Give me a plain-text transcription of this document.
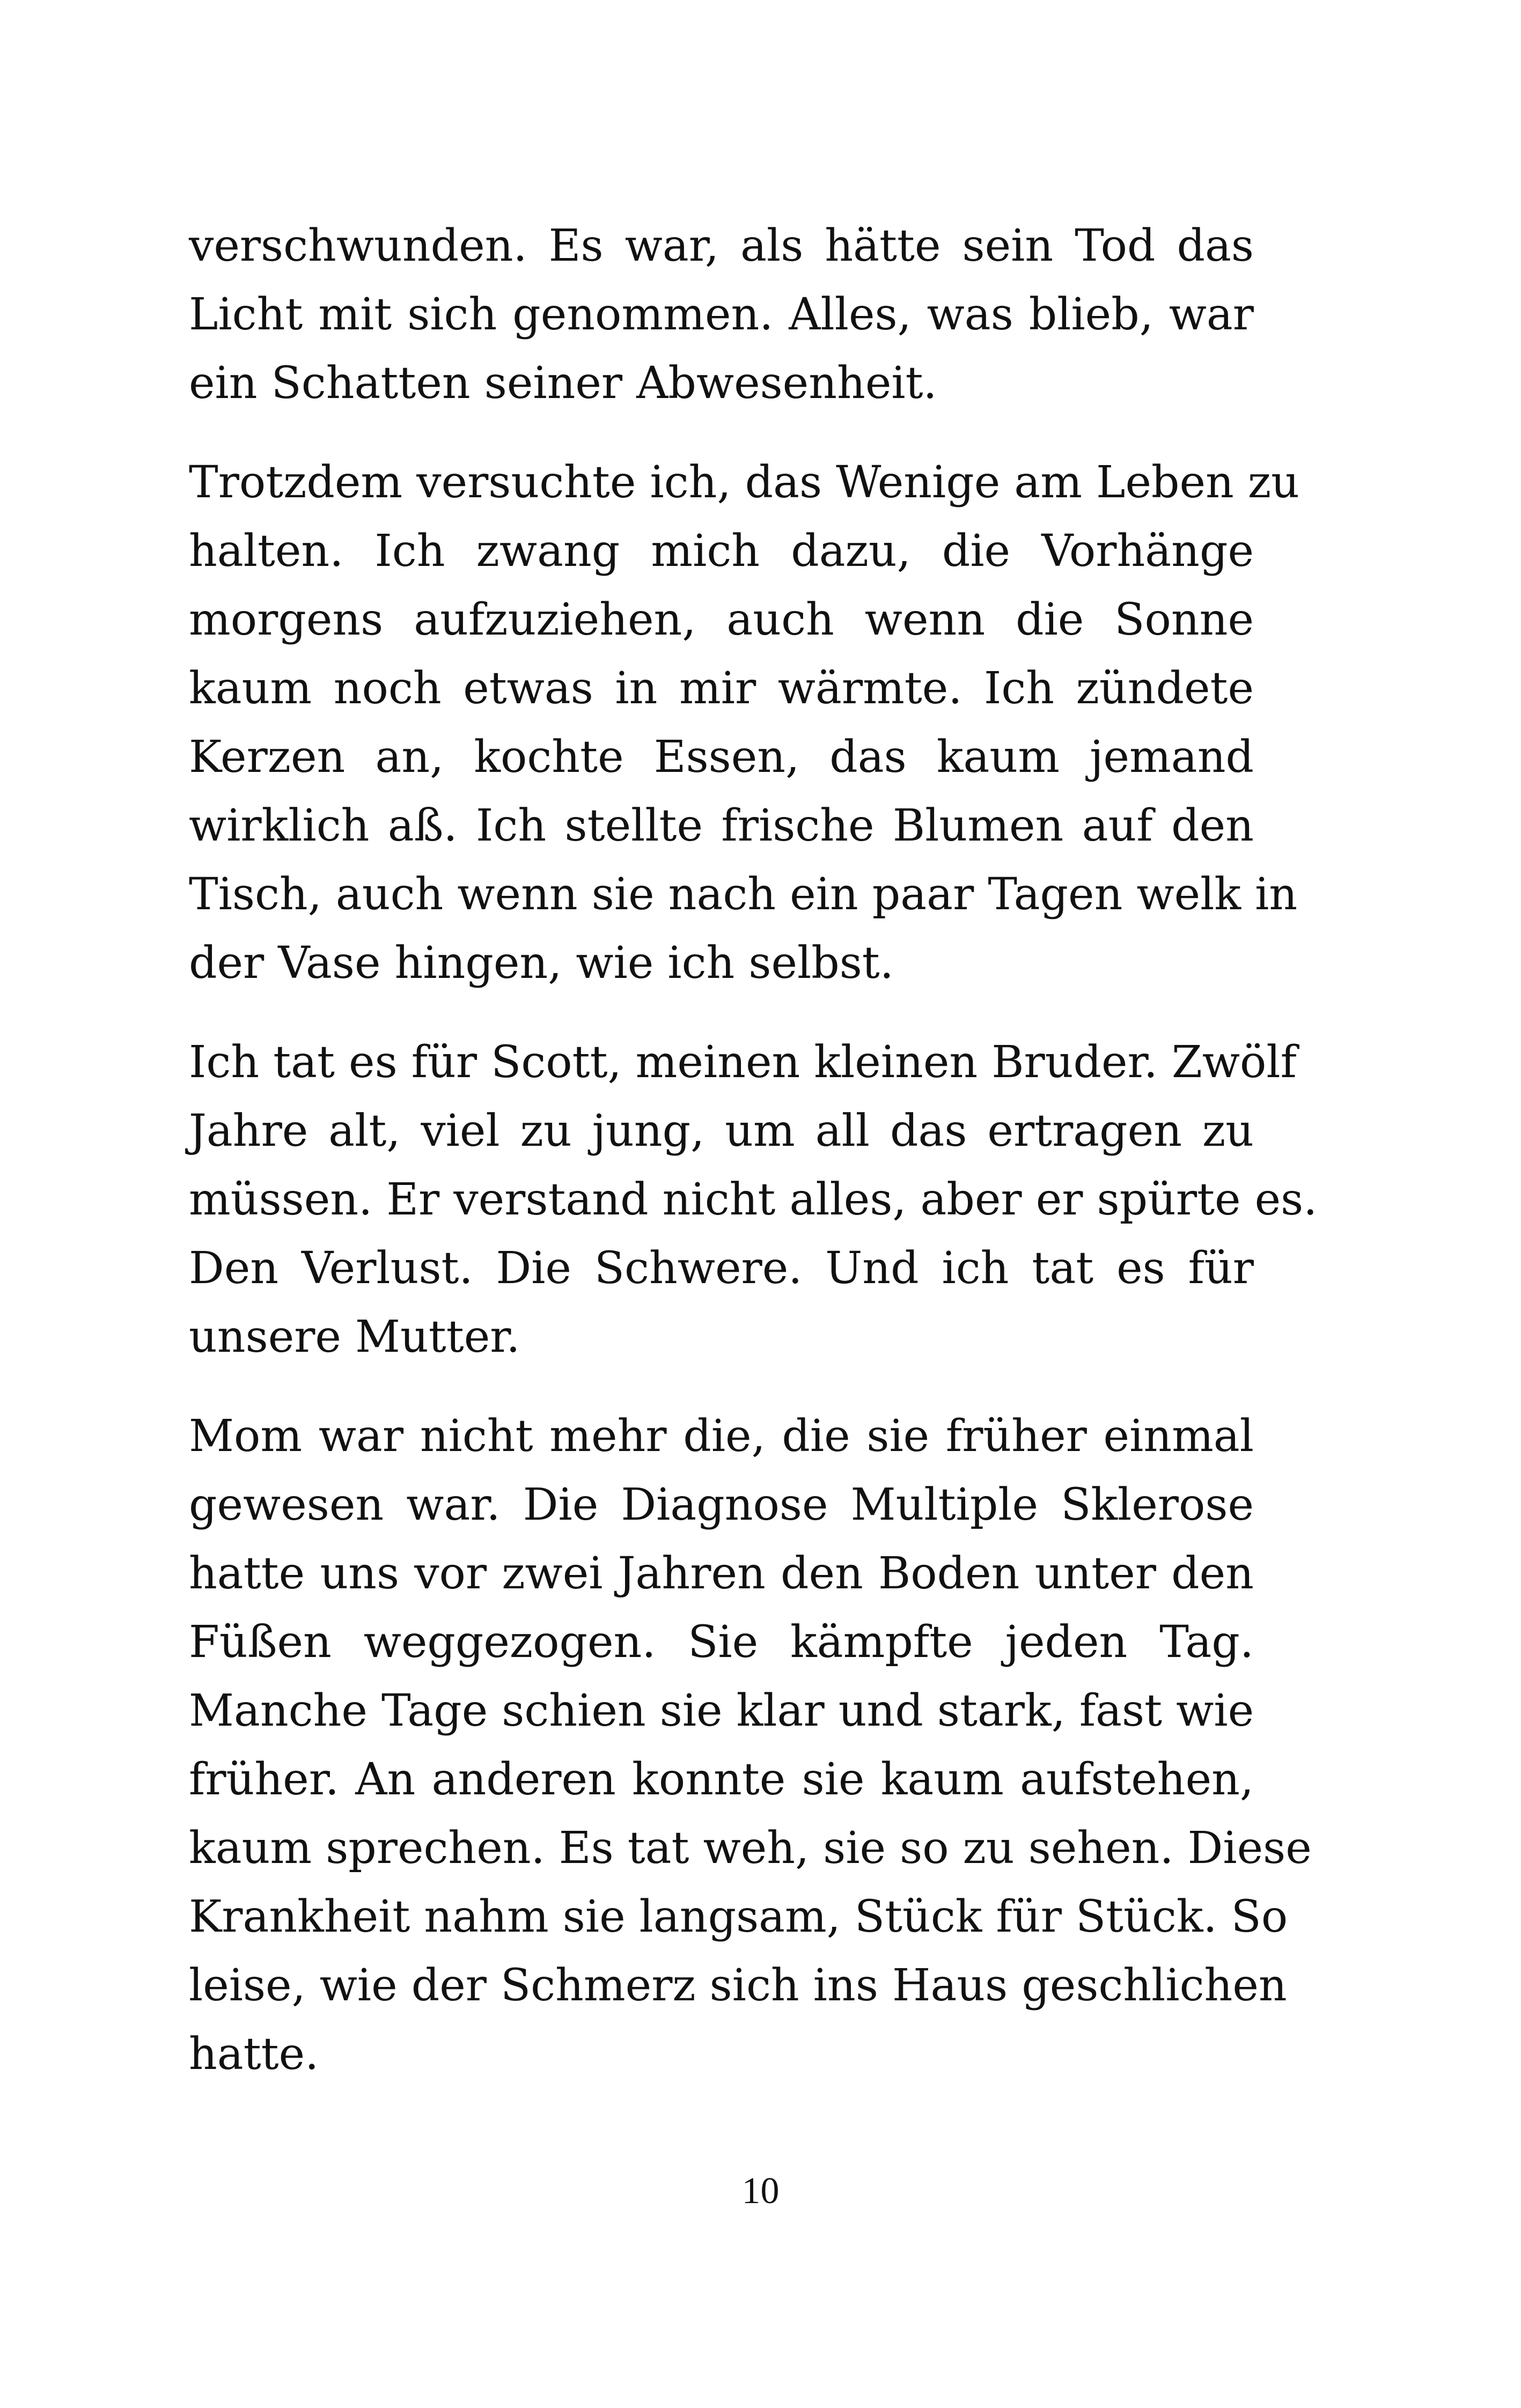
verschwunden. Es war, als hätte sein Tod das
Licht mit sich genommen. Alles, was blieb, war
ein Schatten seiner Abwesenheit.

Trotzdem versuchte ich, das Wenige am Leben zu
halten. Ich zwang mich dazu, die Vorhänge
morgens aufzuziehen, auch wenn die Sonne
kaum noch etwas in mir wärmte. Ich zündete
Kerzen an, kochte Essen, das kaum jemand
wirklich aß. Ich stellte frische Blumen auf den
Tisch, auch wenn sie nach ein paar Tagen welk in
der Vase hingen, wie ich selbst.

Ich tat es für Scott, meinen kleinen Bruder. Zwölf
Jahre alt, viel zu jung, um all das ertragen zu
müssen. Er verstand nicht alles, aber er spürte es.
Den Verlust. Die Schwere. Und ich tat es für
unsere Mutter.

Mom war nicht mehr die, die sie früher einmal
gewesen war. Die Diagnose Multiple Sklerose
hatte uns vor zwei Jahren den Boden unter den
Füßen weggezogen. Sie kämpfte jeden Tag.
Manche Tage schien sie klar und stark, fast wie
früher. An anderen konnte sie kaum aufstehen,
kaum sprechen. Es tat weh, sie so zu sehen. Diese
Krankheit nahm sie langsam, Stück für Stück. So
leise, wie der Schmerz sich ins Haus geschlichen
hatte.

10
